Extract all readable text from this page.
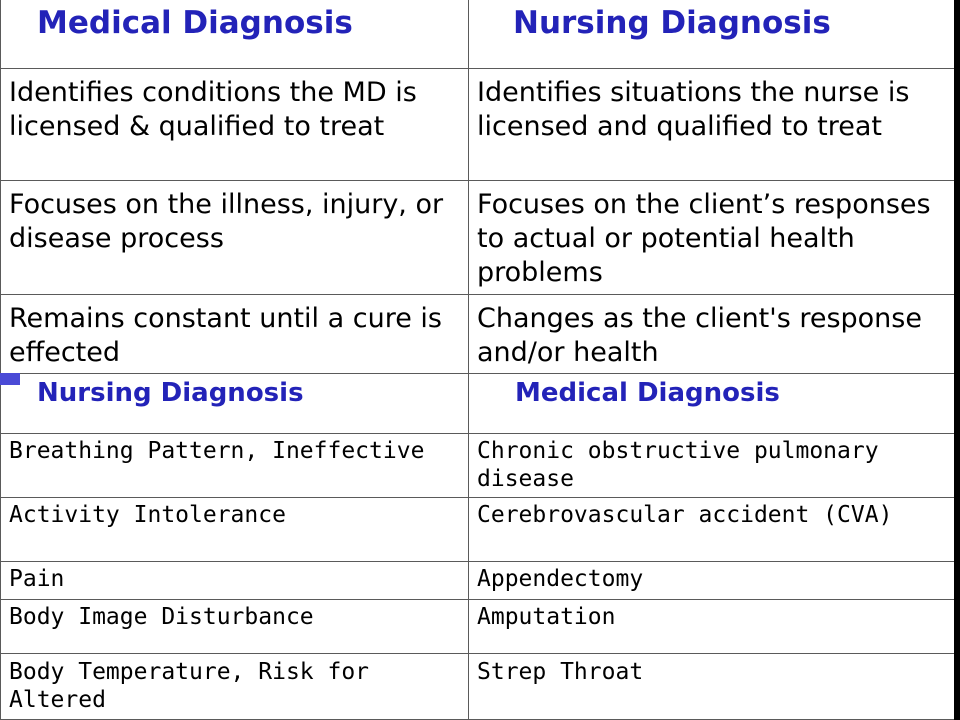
Medical Diagnosis	Nursing Diagnosis
Identifies conditions the MD is licensed & qualified to treat	Identifies situations the nurse is licensed and qualified to treat
Focuses on the illness, injury, or disease process	Focuses on the client’s responses to actual or potential health problems
Remains constant until a cure is effected	Changes as the client's response and/or health
Nursing Diagnosis	Medical Diagnosis
Breathing Pattern, Ineffective	Chronic obstructive pulmonary disease
Activity Intolerance	Cerebrovascular accident (CVA)
Pain	Appendectomy
Body Image Disturbance	Amputation
Body Temperature, Risk for Altered	Strep Throat
